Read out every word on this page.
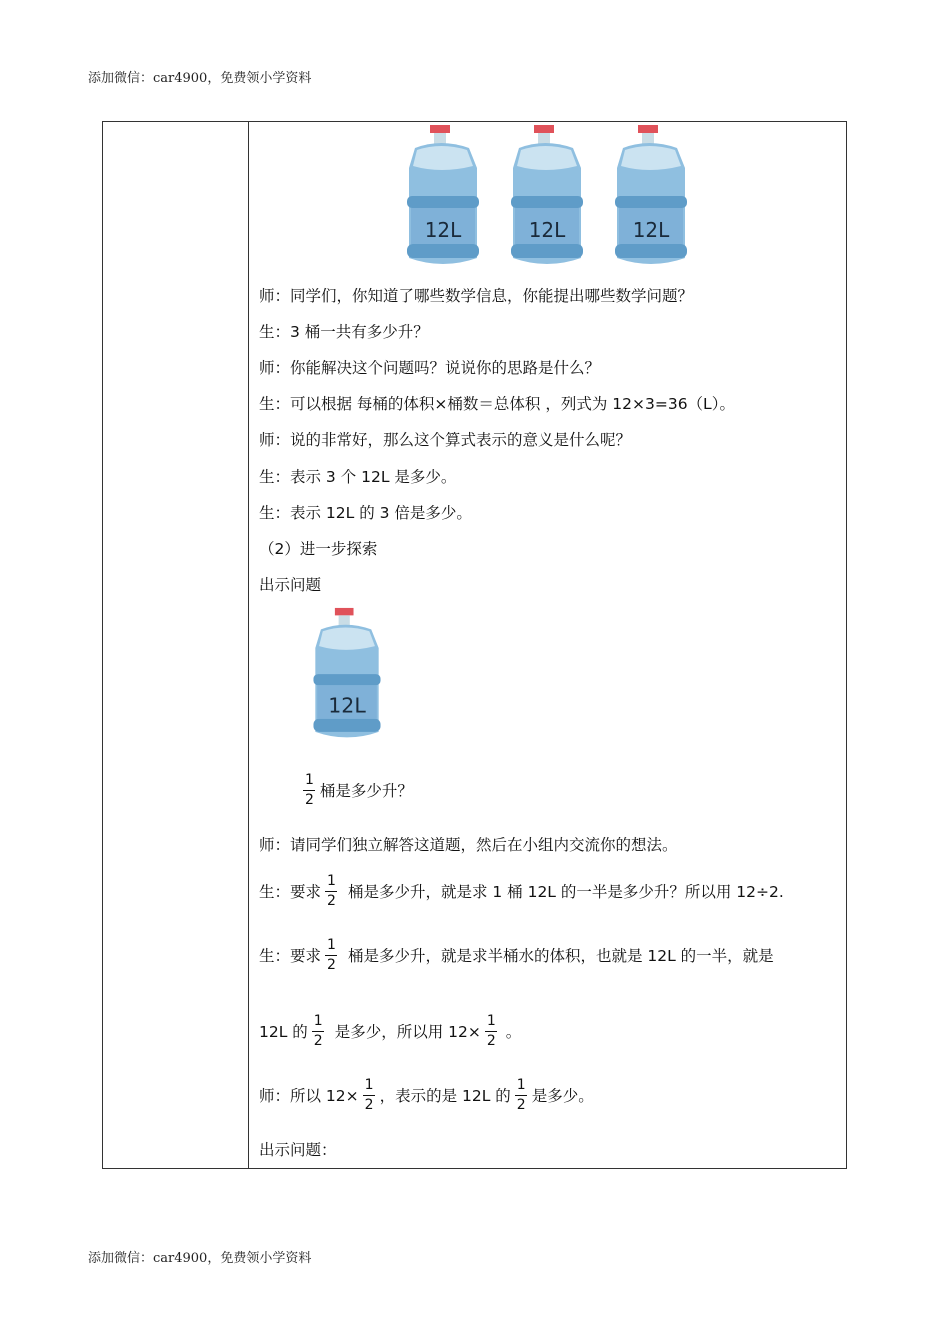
添加微信：car4900，免费领小学资料
12L	12L	12L
师：同学们，你知道了哪些数学信息，你能提出哪些数学问题？
生：3 桶一共有多少升？
师：你能解决这个问题吗？说说你的思路是什么？
生：可以根据 每桶的体积×桶数＝总体积 ，列式为 12×3=36（L）。
师：说的非常好，那么这个算式表示的意义是什么呢？
生：表示 3 个 12L 是多少。
生：表示 12L 的 3 倍是多少。
（2）进一步探索
出示问题
12L
$\frac{1}{2}$ 桶是多少升？
师：请同学们独立解答这道题，然后在小组内交流你的想法。
生：要求 $\frac{1}{2}$ 桶是多少升，就是求 1 桶 12L 的一半是多少升？所以用 12÷2.
生：要求 $\frac{1}{2}$ 桶是多少升，就是求半桶水的体积，也就是 12L 的一半，就是
12L 的 $\frac{1}{2}$ 是多少，所以用 $12\times \frac{1}{2}$ 。
师：所以 $12\times \frac{1}{2}$ ，表示的是 12L 的 $\frac{1}{2}$ 是多少。
出示问题：
添加微信：car4900，免费领小学资料
